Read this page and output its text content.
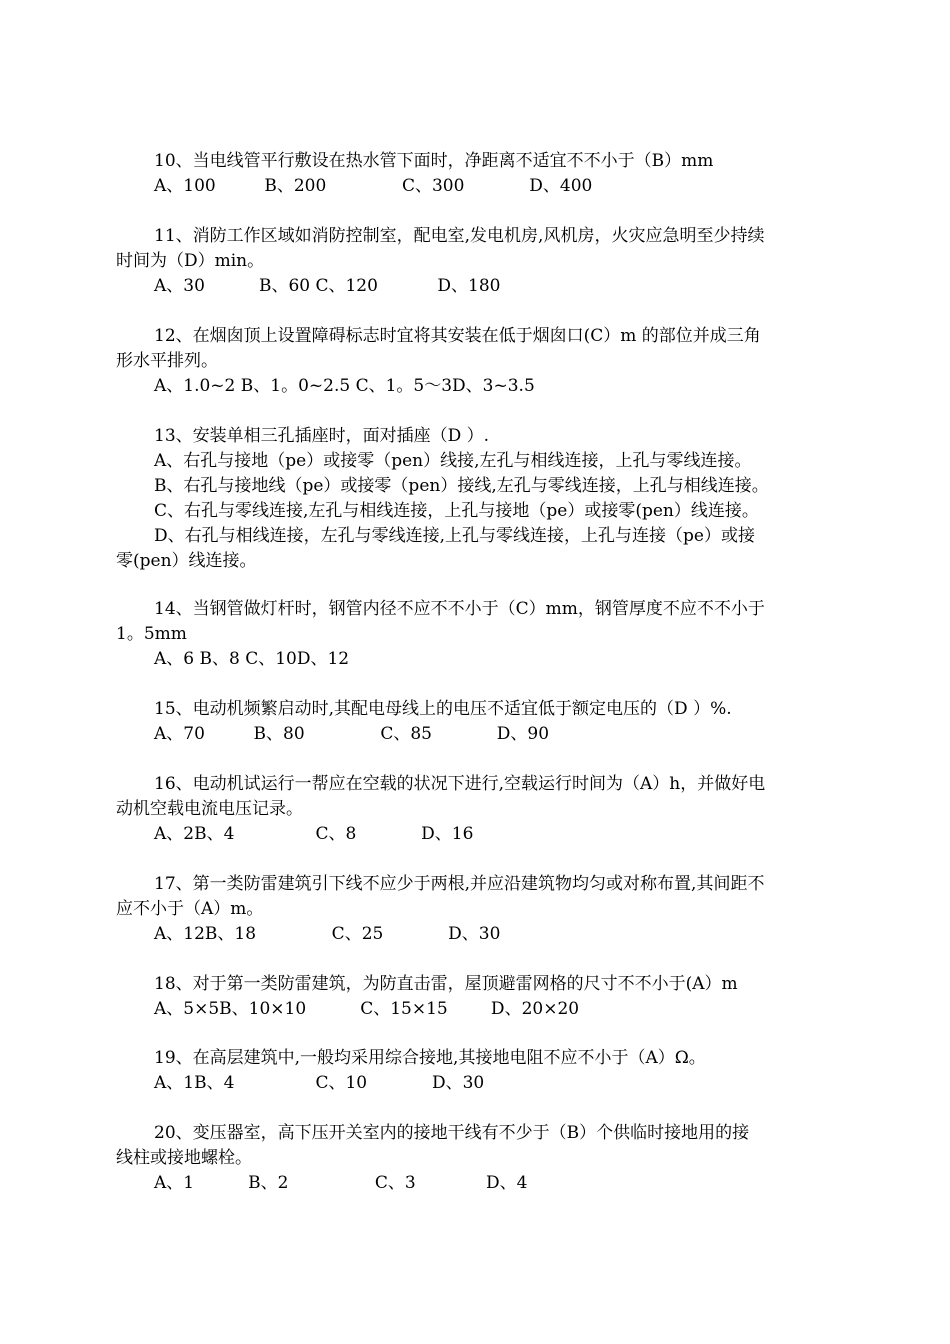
10、当电线管平行敷设在热水管下面时，净距离不适宜不不小于（B）mm

A、100         B、200              C、300            D、400

11、消防工作区域如消防控制室，配电室,发电机房,风机房，火灾应急明至少持续

时间为（D）min。

A、30          B、60 C、120           D、180

12、在烟囱顶上设置障碍标志时宜将其安装在低于烟囱口(C）m 的部位并成三角

形水平排列。

A、1.0~2 B、1。0~2.5 C、1。5～3D、3~3.5

13、安装单相三孔插座时，面对插座（D ）.

A、右孔与接地（pe）或接零（pen）线接,左孔与相线连接，上孔与零线连接。

B、右孔与接地线（pe）或接零（pen）接线,左孔与零线连接，上孔与相线连接。

C、右孔与零线连接,左孔与相线连接，上孔与接地（pe）或接零(pen）线连接。

D、右孔与相线连接，左孔与零线连接,上孔与零线连接，上孔与连接（pe）或接

零(pen）线连接。

14、当钢管做灯杆时，钢管内径不应不不小于（C）mm，钢管厚度不应不不小于

1。5mm

A、6 B、8 C、10D、12

15、电动机频繁启动时,其配电母线上的电压不适宜低于额定电压的（D ）%.

A、70         B、80              C、85            D、90

16、电动机试运行一帮应在空载的状况下进行,空载运行时间为（A）h，并做好电

动机空载电流电压记录。

A、2B、4               C、8            D、16

17、第一类防雷建筑引下线不应少于两根,并应沿建筑物均匀或对称布置,其间距不

应不小于（A）m。

A、12B、18              C、25            D、30

18、对于第一类防雷建筑，为防直击雷，屋顶避雷网格的尺寸不不小于(A）m

A、5×5B、10×10          C、15×15        D、20×20

19、在高层建筑中,一般均采用综合接地,其接地电阻不应不小于（A）Ω。

A、1B、4               C、10            D、30

20、变压器室，高下压开关室内的接地干线有不少于（B）个供临时接地用的接

线柱或接地螺栓。

A、1          B、2                C、3             D、4
